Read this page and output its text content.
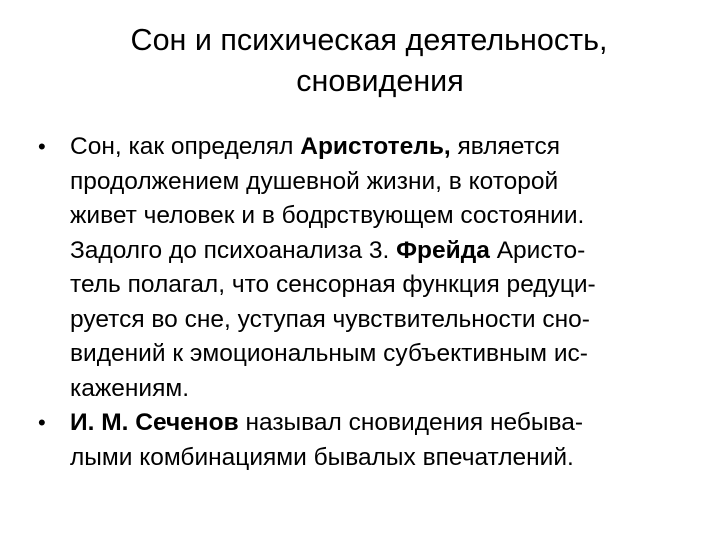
Сон и психическая деятельность,
сновидения
• Сон, как определял Аристотель, является
продолжением душевной жизни, в которой
живет человек и в бодрствующем состоянии.
Задолго до психоанализа 3. Фрейда Аристо-
тель полагал, что сенсорная функция редуци-
руется во сне, уступая чувствительности сно-
видений к эмоциональным субъективным ис-
кажениям.
• И. М. Сеченов называл сновидения небыва-
лыми комбинациями бывалых впечатлений.
